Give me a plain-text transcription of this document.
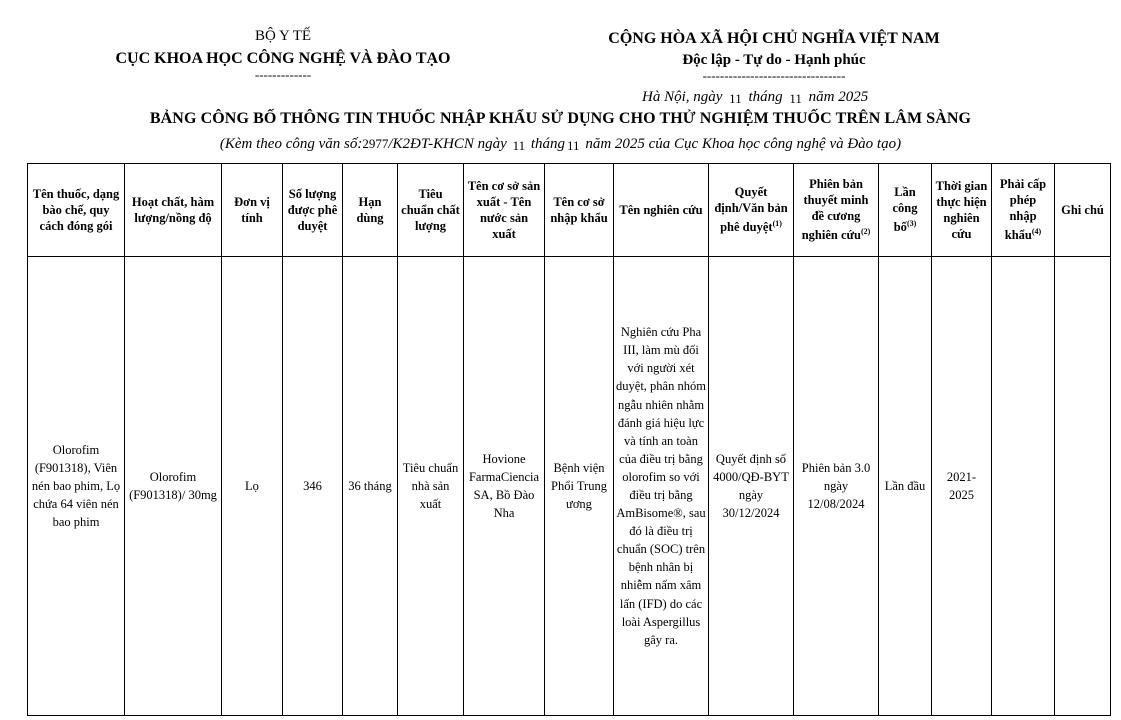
BỘ Y TẾ
CỤC KHOA HỌC CÔNG NGHỆ VÀ ĐÀO TẠO
-------------
CỘNG HÒA XÃ HỘI CHỦ NGHĨA VIỆT NAM
Độc lập - Tự do - Hạnh phúc
---------------------------------
Hà Nội, ngày 11 tháng 11 năm 2025
BẢNG CÔNG BỐ THÔNG TIN THUỐC NHẬP KHẨU SỬ DỤNG CHO THỬ NGHIỆM THUỐC TRÊN LÂM SÀNG
(Kèm theo công văn số:2977/K2ĐT-KHCN ngày 11 tháng 11 năm 2025 của Cục Khoa học công nghệ và Đào tạo)
Tên thuốc, dạng bào chế, quy cách đóng gói	Hoạt chất, hàm lượng/nồng độ	Đơn vị tính	Số lượng được phê duyệt	Hạn dùng	Tiêu chuẩn chất lượng	Tên cơ sở sản xuất - Tên nước sản xuất	Tên cơ sở nhập khẩu	Tên nghiên cứu	Quyết định/Văn bản phê duyệt$^{(1)}$	Phiên bản thuyết minh đề cương nghiên cứu$^{(2)}$	Lần công bố$^{(3)}$	Thời gian thực hiện nghiên cứu	Phải cấp phép nhập khẩu$^{(4)}$	Ghi chú
Olorofim (F901318), Viên nén bao phim, Lọ chứa 64 viên nén bao phim	Olorofim (F901318)/ 30mg	Lọ	346	36 tháng	Tiêu chuẩn nhà sản xuất	Hovione FarmaCiencia SA, Bồ Đào Nha	Bệnh viện Phổi Trung ương	Nghiên cứu Pha III, làm mù đối với người xét duyệt, phân nhóm ngẫu nhiên nhằm đánh giá hiệu lực và tính an toàn của điều trị bằng olorofim so với điều trị bằng AmBisome®, sau đó là điều trị chuẩn (SOC) trên bệnh nhân bị nhiễm nấm xâm lấn (IFD) do các loài Aspergillus gây ra.	Quyết định số 4000/QĐ-BYT ngày 30/12/2024	Phiên bản 3.0 ngày 12/08/2024	Lần đầu	2021-2025		
